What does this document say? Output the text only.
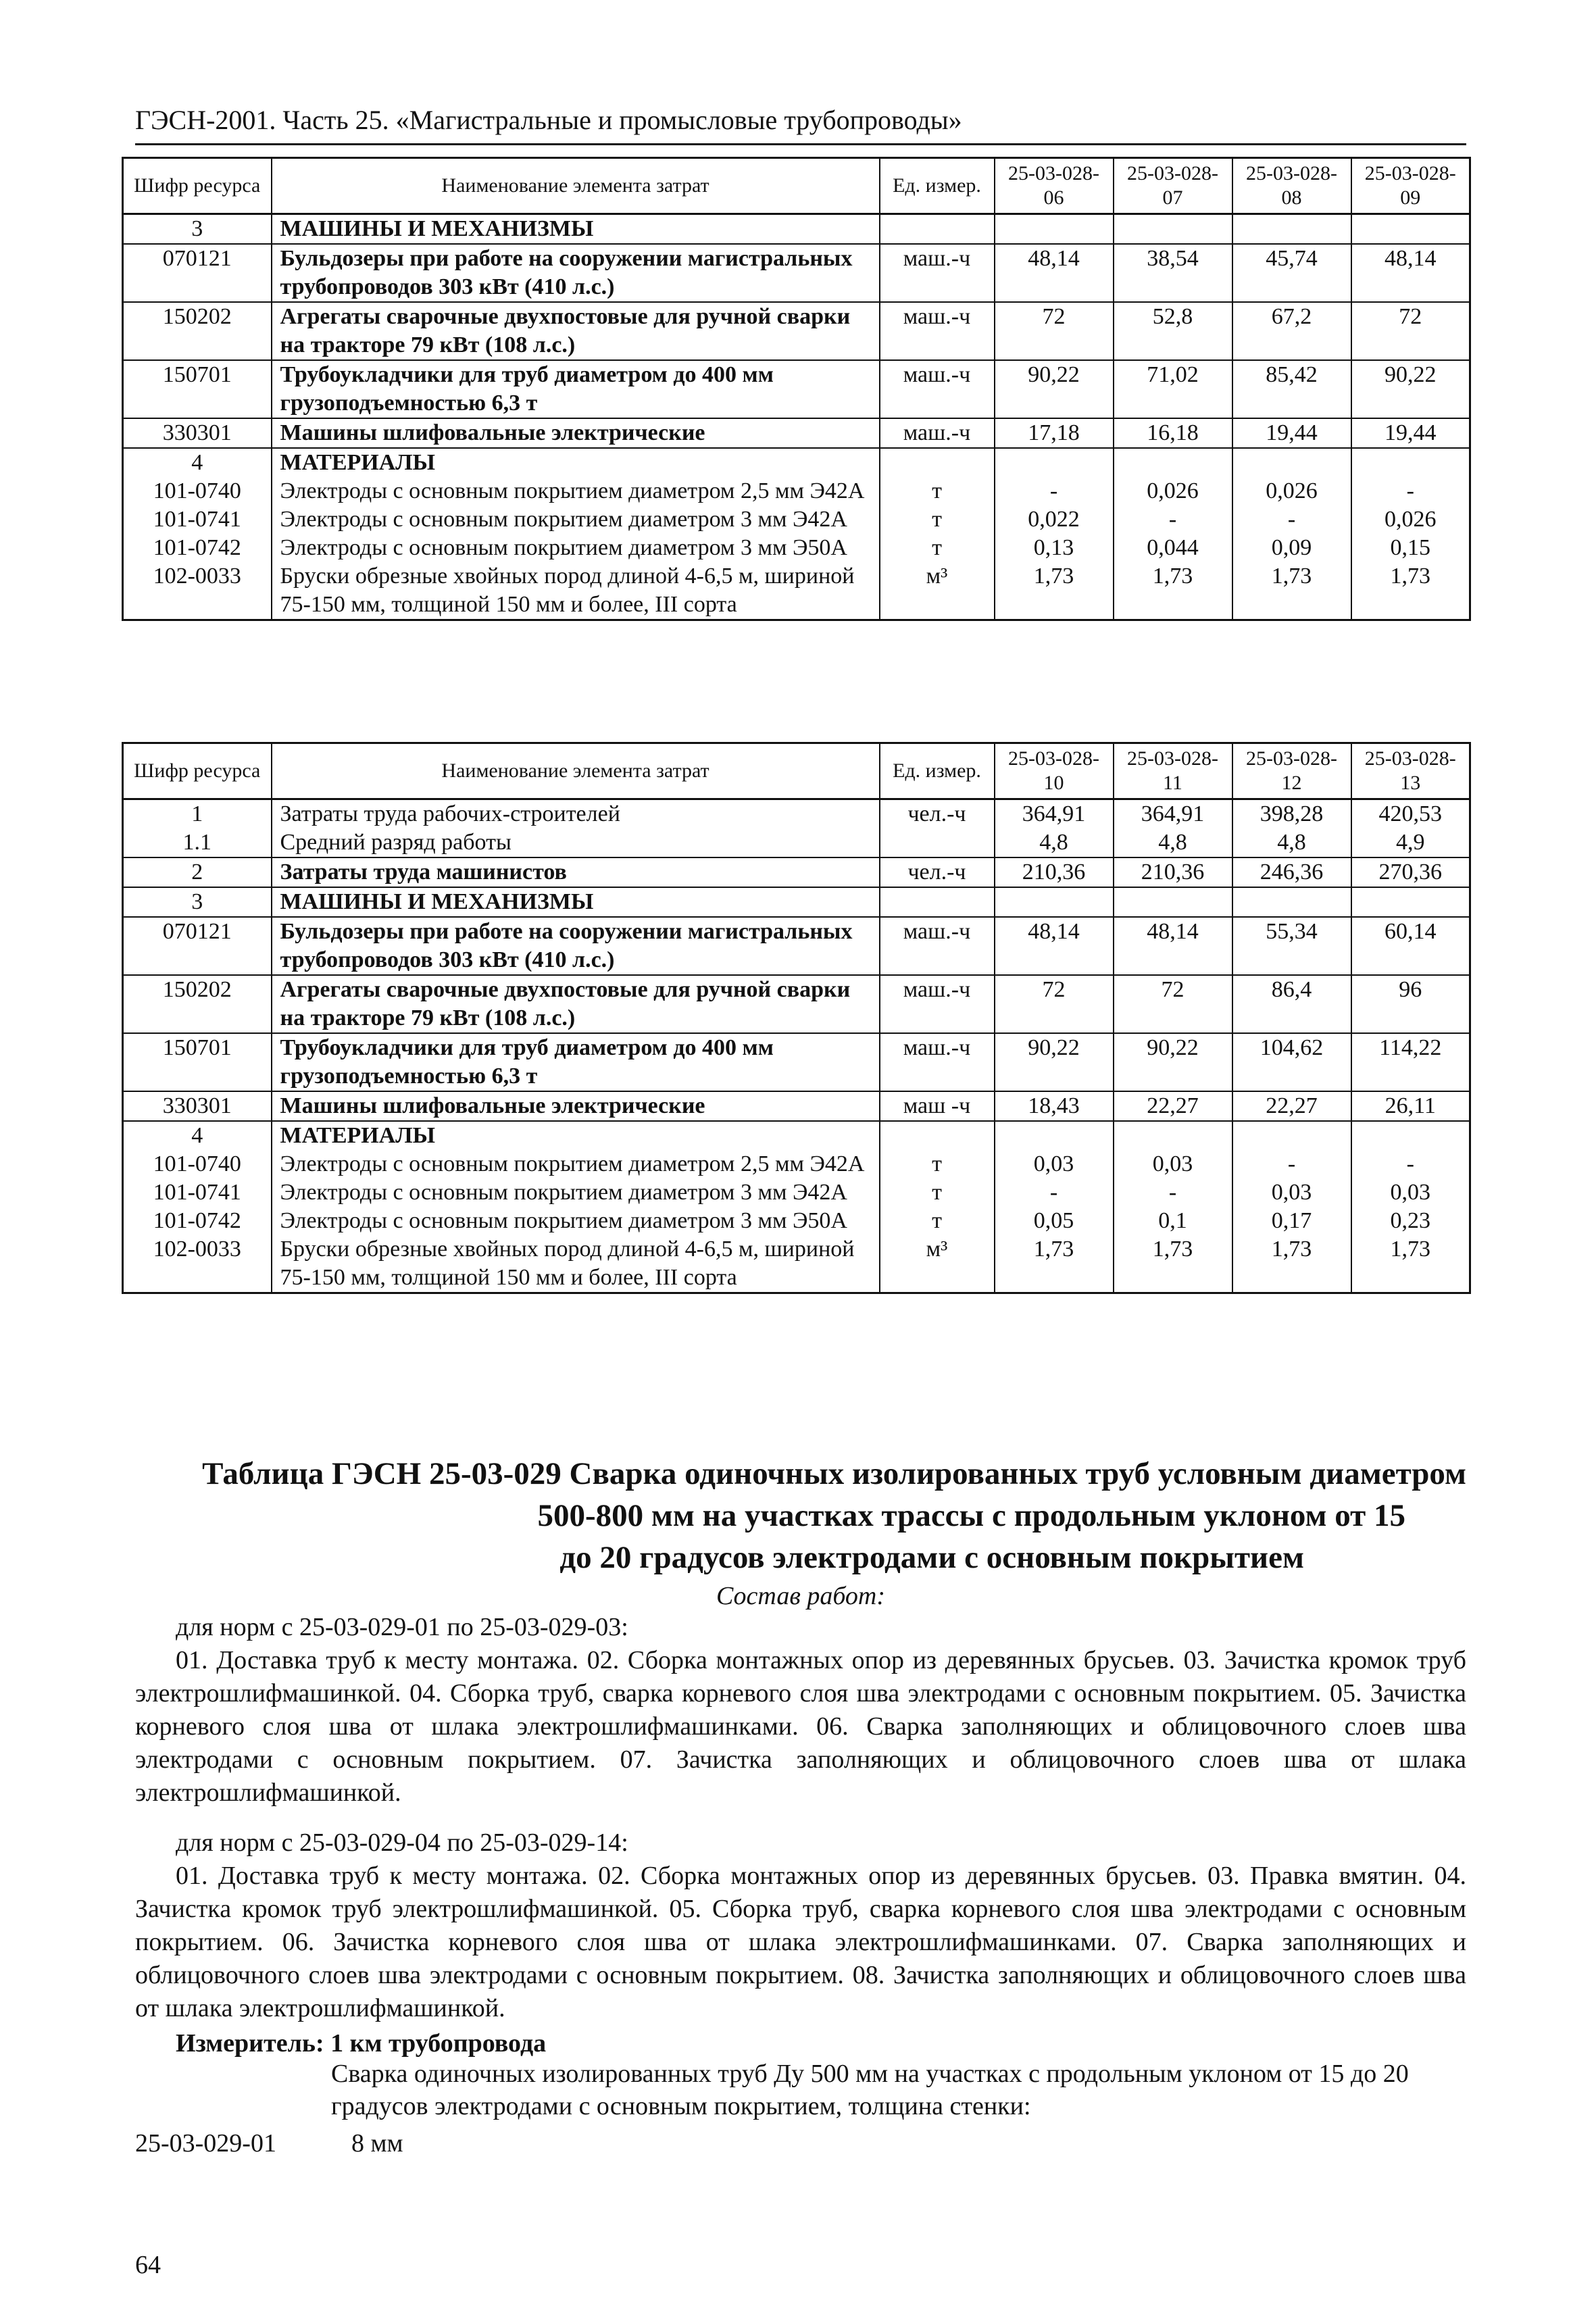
ГЭСН-2001. Часть 25. «Магистральные и промысловые трубопроводы»
Шифр ресурса	Наименование элемента затрат	Ед. измер.	25-03-028-06	25-03-028-07	25-03-028-08	25-03-028-09
3	МАШИНЫ И МЕХАНИЗМЫ					
070121	Бульдозеры при работе на сооружении магистральных трубопроводов 303 кВт (410 л.с.)	маш.-ч	48,14	38,54	45,74	48,14
150202	Агрегаты сварочные двухпостовые для ручной сварки на тракторе 79 кВт (108 л.с.)	маш.-ч	72	52,8	67,2	72
150701	Трубоукладчики для труб диаметром до 400 мм грузоподъемностью 6,3 т	маш.-ч	90,22	71,02	85,42	90,22
330301	Машины шлифовальные электрические	маш.-ч	17,18	16,18	19,44	19,44
4	МАТЕРИАЛЫ					
101-0740	Электроды с основным покрытием диаметром 2,5 мм Э42А	т	-	0,026	0,026	-
101-0741	Электроды с основным покрытием диаметром 3 мм Э42А	т	0,022	-	-	0,026
101-0742	Электроды с основным покрытием диаметром 3 мм Э50А	т	0,13	0,044	0,09	0,15
102-0033	Бруски обрезные хвойных пород длиной 4-6,5 м, шириной 75-150 мм, толщиной 150 мм и более, III сорта	м³	1,73	1,73	1,73	1,73
Шифр ресурса	Наименование элемента затрат	Ед. измер.	25-03-028-10	25-03-028-11	25-03-028-12	25-03-028-13
1	Затраты труда рабочих-строителей	чел.-ч	364,91	364,91	398,28	420,53
1.1	Средний разряд работы		4,8	4,8	4,8	4,9
2	Затраты труда машинистов	чел.-ч	210,36	210,36	246,36	270,36
3	МАШИНЫ И МЕХАНИЗМЫ					
070121	Бульдозеры при работе на сооружении магистральных трубопроводов 303 кВт (410 л.с.)	маш.-ч	48,14	48,14	55,34	60,14
150202	Агрегаты сварочные двухпостовые для ручной сварки на тракторе 79 кВт (108 л.с.)	маш.-ч	72	72	86,4	96
150701	Трубоукладчики для труб диаметром до 400 мм грузоподъемностью 6,3 т	маш.-ч	90,22	90,22	104,62	114,22
330301	Машины шлифовальные электрические	маш -ч	18,43	22,27	22,27	26,11
4	МАТЕРИАЛЫ					
101-0740	Электроды с основным покрытием диаметром 2,5 мм Э42А	т	0,03	0,03	-	-
101-0741	Электроды с основным покрытием диаметром 3 мм Э42А	т	-	-	0,03	0,03
101-0742	Электроды с основным покрытием диаметром 3 мм Э50А	т	0,05	0,1	0,17	0,23
102-0033	Бруски обрезные хвойных пород длиной 4-6,5 м, шириной 75-150 мм, толщиной 150 мм и более, III сорта	м³	1,73	1,73	1,73	1,73
Таблица ГЭСН 25-03-029 Сварка одиночных изолированных труб условным диаметром
500-800 мм на участках трассы с продольным уклоном от 15
до 20 градусов электродами с основным покрытием
Состав работ:

для норм с 25-03-029-01 по 25-03-029-03:

01. Доставка труб к месту монтажа. 02. Сборка монтажных опор из деревянных брусьев. 03. Зачистка кромок труб электрошлифмашинкой. 04. Сборка труб, сварка корневого слоя шва электродами с основным покрытием. 05. Зачистка корневого слоя шва от шлака электрошлифмашинками. 06. Сварка заполняющих и облицовочного слоев шва электродами с основным покрытием. 07. Зачистка заполняющих и облицовочного слоев шва от шлака электрошлифмашинкой.

для норм с 25-03-029-04 по 25-03-029-14:

01. Доставка труб к месту монтажа. 02. Сборка монтажных опор из деревянных брусьев. 03. Правка вмятин. 04. Зачистка кромок труб электрошлифмашинкой. 05. Сборка труб, сварка корневого слоя шва электродами с основным покрытием. 06. Зачистка корневого слоя шва от шлака электрошлифмашинками. 07. Сварка заполняющих и облицовочного слоев шва электродами с основным покрытием. 08. Зачистка заполняющих и облицовочного слоев шва от шлака электрошлифмашинкой.

Измеритель: 1 км трубопровода
Сварка одиночных изолированных труб Ду 500 мм на участках с продольным уклоном от 15 до 20 градусов электродами с основным покрытием, толщина стенки:
25-03-029-01	8 мм
64
